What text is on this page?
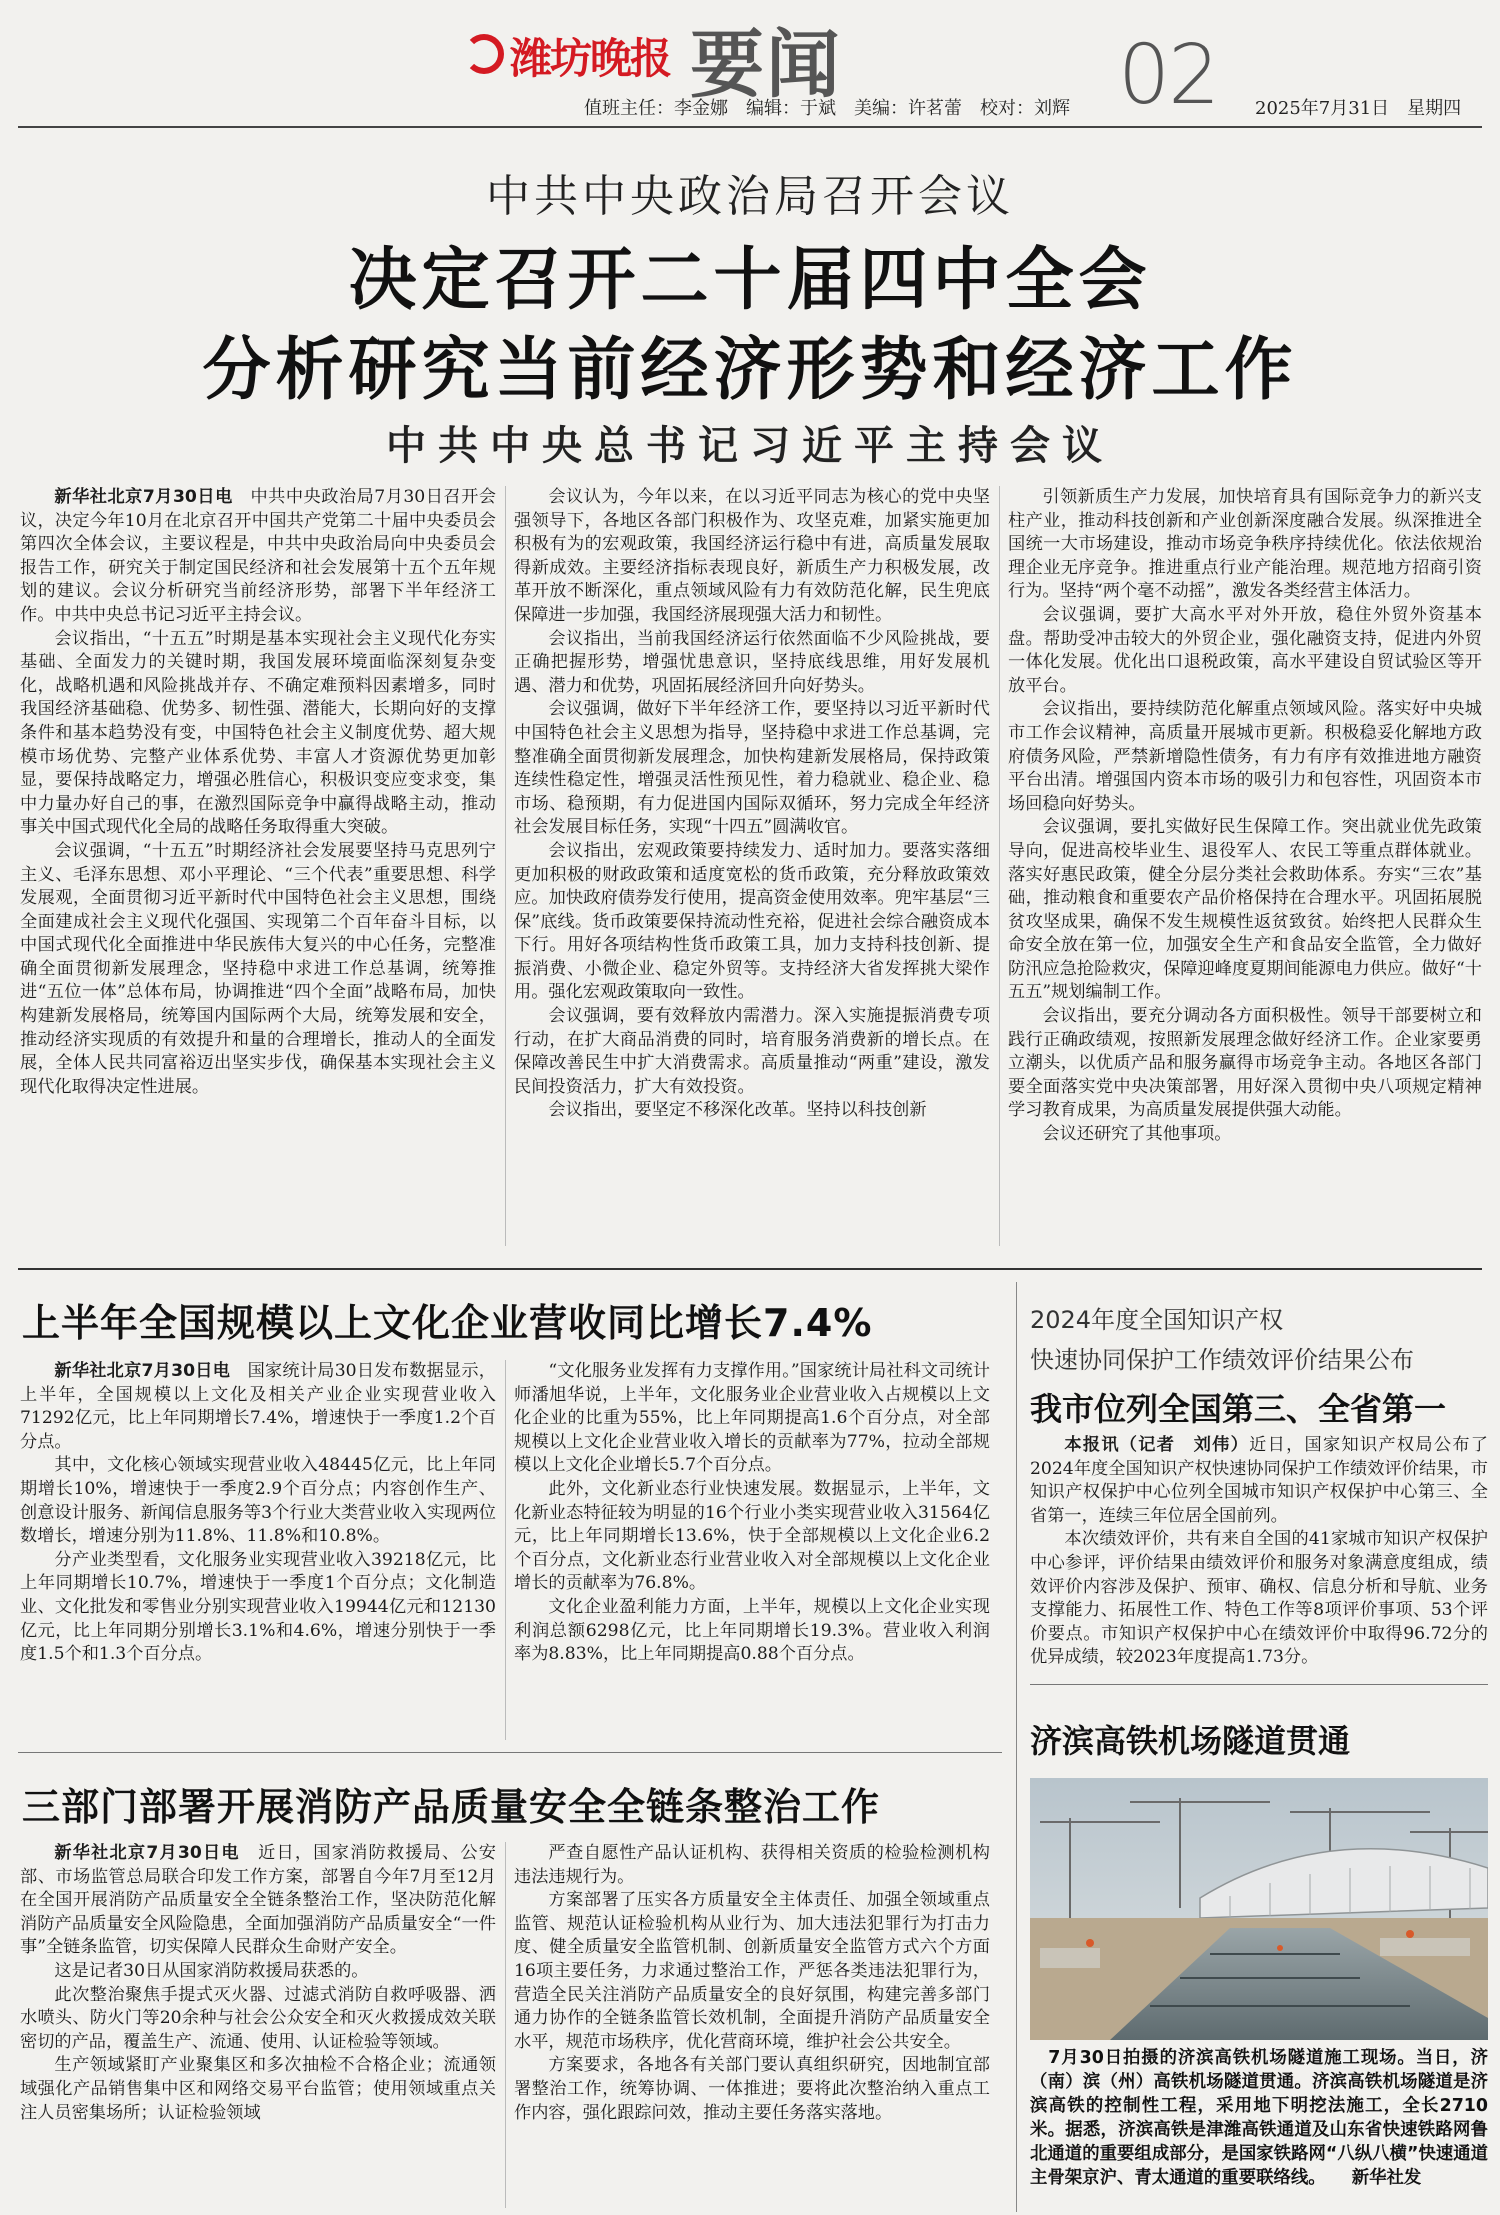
潍坊晚报 要闻	02
值班主任：李金娜　编辑：于斌　美编：许茗蕾　校对：刘辉	2025年7月31日　星期四
中共中央政治局召开会议
决定召开二十届四中全会
分析研究当前经济形势和经济工作
中共中央总书记习近平主持会议

新华社北京7月30日电　中共中央政治局7月30日召开会议，决定今年10月在北京召开中国共产党第二十届中央委员会第四次全体会议，主要议程是，中共中央政治局向中央委员会报告工作，研究关于制定国民经济和社会发展第十五个五年规划的建议。会议分析研究当前经济形势，部署下半年经济工作。中共中央总书记习近平主持会议。

会议指出，“十五五”时期是基本实现社会主义现代化夯实基础、全面发力的关键时期，我国发展环境面临深刻复杂变化，战略机遇和风险挑战并存、不确定难预料因素增多，同时我国经济基础稳、优势多、韧性强、潜能大，长期向好的支撑条件和基本趋势没有变，中国特色社会主义制度优势、超大规模市场优势、完整产业体系优势、丰富人才资源优势更加彰显，要保持战略定力，增强必胜信心，积极识变应变求变，集中力量办好自己的事，在激烈国际竞争中赢得战略主动，推动事关中国式现代化全局的战略任务取得重大突破。

会议强调，“十五五”时期经济社会发展要坚持马克思列宁主义、毛泽东思想、邓小平理论、“三个代表”重要思想、科学发展观，全面贯彻习近平新时代中国特色社会主义思想，围绕全面建成社会主义现代化强国、实现第二个百年奋斗目标，以中国式现代化全面推进中华民族伟大复兴的中心任务，完整准确全面贯彻新发展理念，坚持稳中求进工作总基调，统筹推进“五位一体”总体布局，协调推进“四个全面”战略布局，加快构建新发展格局，统筹国内国际两个大局，统筹发展和安全，推动经济实现质的有效提升和量的合理增长，推动人的全面发展，全体人民共同富裕迈出坚实步伐，确保基本实现社会主义现代化取得决定性进展。

会议认为，今年以来，在以习近平同志为核心的党中央坚强领导下，各地区各部门积极作为、攻坚克难，加紧实施更加积极有为的宏观政策，我国经济运行稳中有进，高质量发展取得新成效。主要经济指标表现良好，新质生产力积极发展，改革开放不断深化，重点领域风险有力有效防范化解，民生兜底保障进一步加强，我国经济展现强大活力和韧性。

会议指出，当前我国经济运行依然面临不少风险挑战，要正确把握形势，增强忧患意识，坚持底线思维，用好发展机遇、潜力和优势，巩固拓展经济回升向好势头。

会议强调，做好下半年经济工作，要坚持以习近平新时代中国特色社会主义思想为指导，坚持稳中求进工作总基调，完整准确全面贯彻新发展理念，加快构建新发展格局，保持政策连续性稳定性，增强灵活性预见性，着力稳就业、稳企业、稳市场、稳预期，有力促进国内国际双循环，努力完成全年经济社会发展目标任务，实现“十四五”圆满收官。

会议指出，宏观政策要持续发力、适时加力。要落实落细更加积极的财政政策和适度宽松的货币政策，充分释放政策效应。加快政府债券发行使用，提高资金使用效率。兜牢基层“三保”底线。货币政策要保持流动性充裕，促进社会综合融资成本下行。用好各项结构性货币政策工具，加力支持科技创新、提振消费、小微企业、稳定外贸等。支持经济大省发挥挑大梁作用。强化宏观政策取向一致性。

会议强调，要有效释放内需潜力。深入实施提振消费专项行动，在扩大商品消费的同时，培育服务消费新的增长点。在保障改善民生中扩大消费需求。高质量推动“两重”建设，激发民间投资活力，扩大有效投资。

会议指出，要坚定不移深化改革。坚持以科技创新

引领新质生产力发展，加快培育具有国际竞争力的新兴支柱产业，推动科技创新和产业创新深度融合发展。纵深推进全国统一大市场建设，推动市场竞争秩序持续优化。依法依规治理企业无序竞争。推进重点行业产能治理。规范地方招商引资行为。坚持“两个毫不动摇”，激发各类经营主体活力。

会议强调，要扩大高水平对外开放，稳住外贸外资基本盘。帮助受冲击较大的外贸企业，强化融资支持，促进内外贸一体化发展。优化出口退税政策，高水平建设自贸试验区等开放平台。

会议指出，要持续防范化解重点领域风险。落实好中央城市工作会议精神，高质量开展城市更新。积极稳妥化解地方政府债务风险，严禁新增隐性债务，有力有序有效推进地方融资平台出清。增强国内资本市场的吸引力和包容性，巩固资本市场回稳向好势头。

会议强调，要扎实做好民生保障工作。突出就业优先政策导向，促进高校毕业生、退役军人、农民工等重点群体就业。落实好惠民政策，健全分层分类社会救助体系。夯实“三农”基础，推动粮食和重要农产品价格保持在合理水平。巩固拓展脱贫攻坚成果，确保不发生规模性返贫致贫。始终把人民群众生命安全放在第一位，加强安全生产和食品安全监管，全力做好防汛应急抢险救灾，保障迎峰度夏期间能源电力供应。做好“十五五”规划编制工作。

会议指出，要充分调动各方面积极性。领导干部要树立和践行正确政绩观，按照新发展理念做好经济工作。企业家要勇立潮头，以优质产品和服务赢得市场竞争主动。各地区各部门要全面落实党中央决策部署，用好深入贯彻中央八项规定精神学习教育成果，为高质量发展提供强大动能。

会议还研究了其他事项。

上半年全国规模以上文化企业营收同比增长7.4%

新华社北京7月30日电　国家统计局30日发布数据显示，上半年，全国规模以上文化及相关产业企业实现营业收入71292亿元，比上年同期增长7.4%，增速快于一季度1.2个百分点。

其中，文化核心领域实现营业收入48445亿元，比上年同期增长10%，增速快于一季度2.9个百分点；内容创作生产、创意设计服务、新闻信息服务等3个行业大类营业收入实现两位数增长，增速分别为11.8%、11.8%和10.8%。

分产业类型看，文化服务业实现营业收入39218亿元，比上年同期增长10.7%，增速快于一季度1个百分点；文化制造业、文化批发和零售业分别实现营业收入19944亿元和12130亿元，比上年同期分别增长3.1%和4.6%，增速分别快于一季度1.5个和1.3个百分点。

“文化服务业发挥有力支撑作用。”国家统计局社科文司统计师潘旭华说，上半年，文化服务业企业营业收入占规模以上文化企业的比重为55%，比上年同期提高1.6个百分点，对全部规模以上文化企业营业收入增长的贡献率为77%，拉动全部规模以上文化企业增长5.7个百分点。

此外，文化新业态行业快速发展。数据显示，上半年，文化新业态特征较为明显的16个行业小类实现营业收入31564亿元，比上年同期增长13.6%，快于全部规模以上文化企业6.2个百分点，文化新业态行业营业收入对全部规模以上文化企业增长的贡献率为76.8%。

文化企业盈利能力方面，上半年，规模以上文化企业实现利润总额6298亿元，比上年同期增长19.3%。营业收入利润率为8.83%，比上年同期提高0.88个百分点。

三部门部署开展消防产品质量安全全链条整治工作

新华社北京7月30日电　近日，国家消防救援局、公安部、市场监管总局联合印发工作方案，部署自今年7月至12月在全国开展消防产品质量安全全链条整治工作，坚决防范化解消防产品质量安全风险隐患，全面加强消防产品质量安全“一件事”全链条监管，切实保障人民群众生命财产安全。

这是记者30日从国家消防救援局获悉的。

此次整治聚焦手提式灭火器、过滤式消防自救呼吸器、洒水喷头、防火门等20余种与社会公众安全和灭火救援成效关联密切的产品，覆盖生产、流通、使用、认证检验等领域。

生产领域紧盯产业聚集区和多次抽检不合格企业；流通领域强化产品销售集中区和网络交易平台监管；使用领域重点关注人员密集场所；认证检验领域

严查自愿性产品认证机构、获得相关资质的检验检测机构违法违规行为。

方案部署了压实各方质量安全主体责任、加强全领域重点监管、规范认证检验机构从业行为、加大违法犯罪行为打击力度、健全质量安全监管机制、创新质量安全监管方式六个方面16项主要任务，力求通过整治工作，严惩各类违法犯罪行为，营造全民关注消防产品质量安全的良好氛围，构建完善多部门通力协作的全链条监管长效机制，全面提升消防产品质量安全水平，规范市场秩序，优化营商环境，维护社会公共安全。

方案要求，各地各有关部门要认真组织研究，因地制宜部署整治工作，统筹协调、一体推进；要将此次整治纳入重点工作内容，强化跟踪问效，推动主要任务落实落地。

2024年度全国知识产权
快速协同保护工作绩效评价结果公布
我市位列全国第三、全省第一

本报讯（记者　刘伟）近日，国家知识产权局公布了2024年度全国知识产权快速协同保护工作绩效评价结果，市知识产权保护中心位列全国城市知识产权保护中心第三、全省第一，连续三年位居全国前列。

本次绩效评价，共有来自全国的41家城市知识产权保护中心参评，评价结果由绩效评价和服务对象满意度组成，绩效评价内容涉及保护、预审、确权、信息分析和导航、业务支撑能力、拓展性工作、特色工作等8项评价事项、53个评价要点。市知识产权保护中心在绩效评价中取得96.72分的优异成绩，较2023年度提高1.73分。

济滨高铁机场隧道贯通
　7月30日拍摄的济滨高铁机场隧道施工现场。当日，济（南）滨（州）高铁机场隧道贯通。济滨高铁机场隧道是济滨高铁的控制性工程，采用地下明挖法施工，全长2710米。据悉，济滨高铁是津潍高铁通道及山东省快速铁路网鲁北通道的重要组成部分，是国家铁路网“八纵八横”快速通道主骨架京沪、青太通道的重要联络线。 新华社发
